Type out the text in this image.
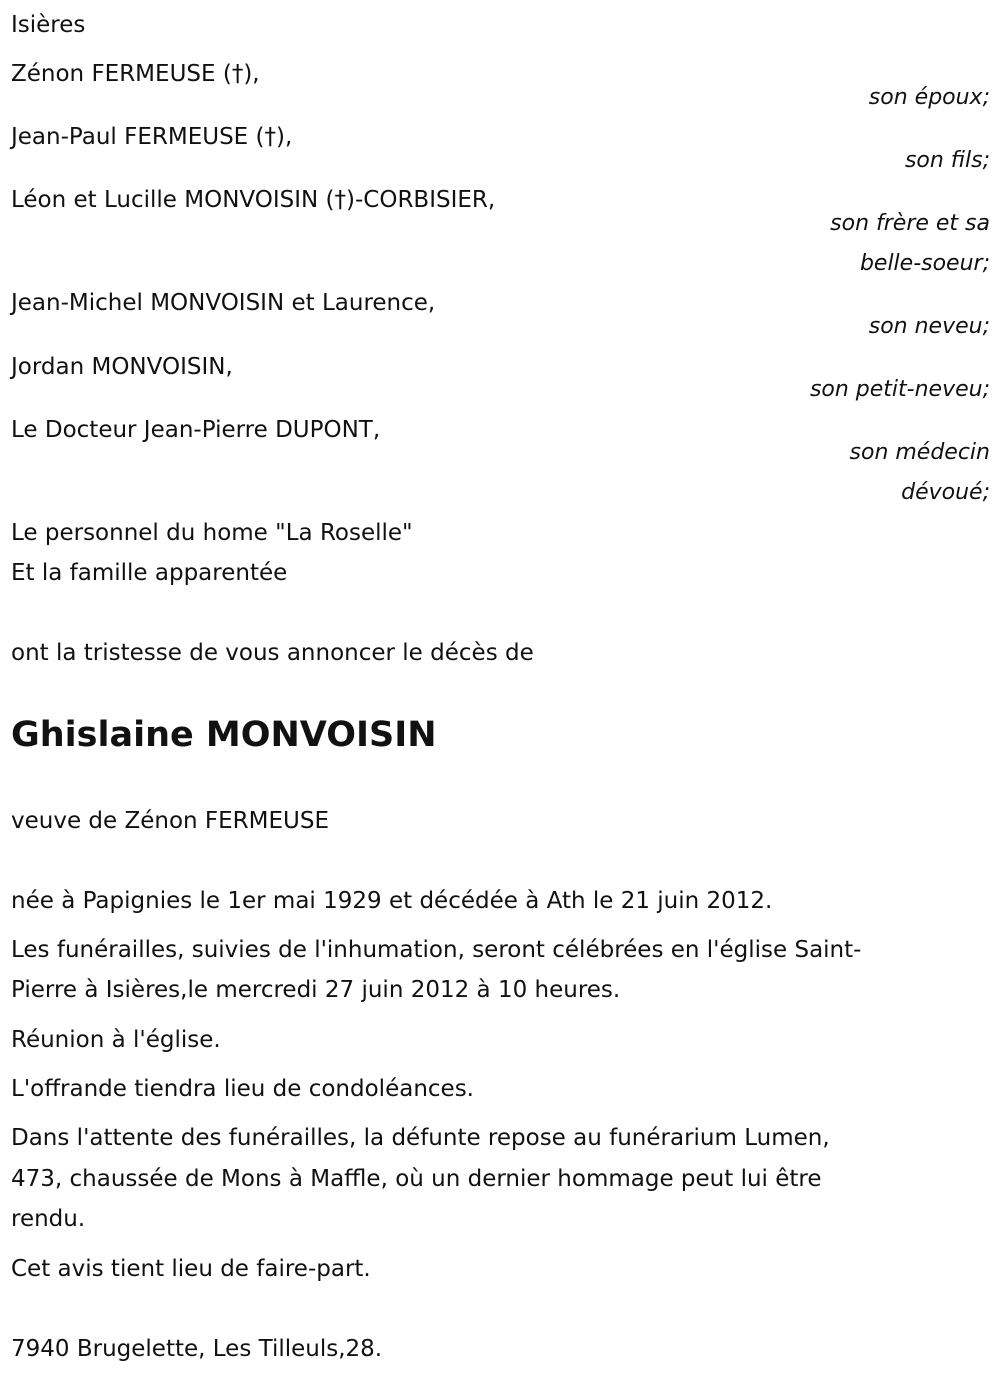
Isières
Zénon FERMEUSE (†),
son époux;
Jean-Paul FERMEUSE (†),
son fils;
Léon et Lucille MONVOISIN (†)-CORBISIER,
son frère et sa
belle-soeur;
Jean-Michel MONVOISIN et Laurence,
son neveu;
Jordan MONVOISIN,
son petit-neveu;
Le Docteur Jean-Pierre DUPONT,
son médecin
dévoué;
Le personnel du home "La Roselle"
Et la famille apparentée
ont la tristesse de vous annoncer le décès de
Ghislaine MONVOISIN
veuve de Zénon FERMEUSE
née à Papignies le 1er mai 1929 et décédée à Ath le 21 juin 2012.
Les funérailles, suivies de l'inhumation, seront célébrées en l'église Saint-
Pierre à Isières,le mercredi 27 juin 2012 à 10 heures.
Réunion à l'église.
L'offrande tiendra lieu de condoléances.
Dans l'attente des funérailles, la défunte repose au funérarium Lumen,
473, chaussée de Mons à Maffle, où un dernier hommage peut lui être
rendu.
Cet avis tient lieu de faire-part.
7940 Brugelette, Les Tilleuls,28.
